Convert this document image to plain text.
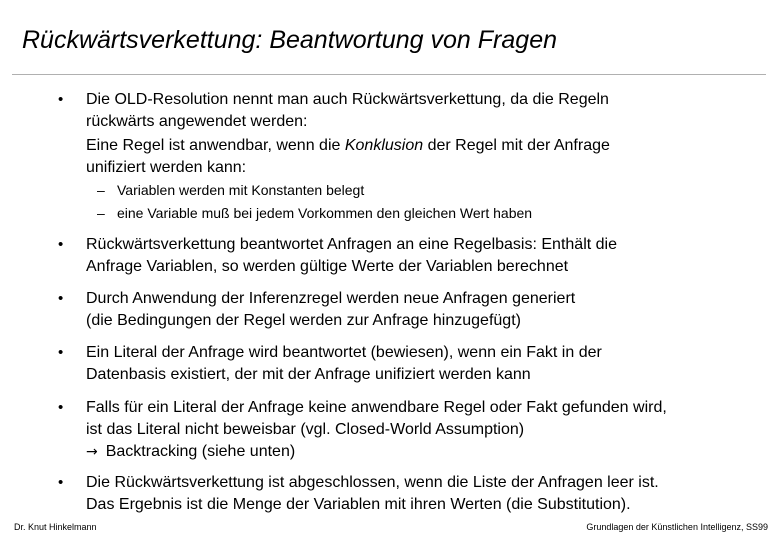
Rückwärtsverkettung: Beantwortung von Fragen
• Die OLD-Resolution nennt man auch Rückwärtsverkettung, da die Regeln
rückwärts angewendet werden:
Eine Regel ist anwendbar, wenn die Konklusion der Regel mit der Anfrage
unifiziert werden kann:
– Variablen werden mit Konstanten belegt
– eine Variable muß bei jedem Vorkommen den gleichen Wert haben
• Rückwärtsverkettung beantwortet Anfragen an eine Regelbasis: Enthält die
Anfrage Variablen, so werden gültige Werte der Variablen berechnet
• Durch Anwendung der Inferenzregel werden neue Anfragen generiert
(die Bedingungen der Regel werden zur Anfrage hinzugefügt)
• Ein Literal der Anfrage wird beantwortet (bewiesen), wenn ein Fakt in der
Datenbasis existiert, der mit der Anfrage unifiziert werden kann
• Falls für ein Literal der Anfrage keine anwendbare Regel oder Fakt gefunden wird,
ist das Literal nicht beweisbar (vgl. Closed-World Assumption)
→ Backtracking (siehe unten)
• Die Rückwärtsverkettung ist abgeschlossen, wenn die Liste der Anfragen leer ist.
Das Ergebnis ist die Menge der Variablen mit ihren Werten (die Substitution).
Dr. Knut Hinkelmann	Grundlagen der Künstlichen Intelligenz, SS99
